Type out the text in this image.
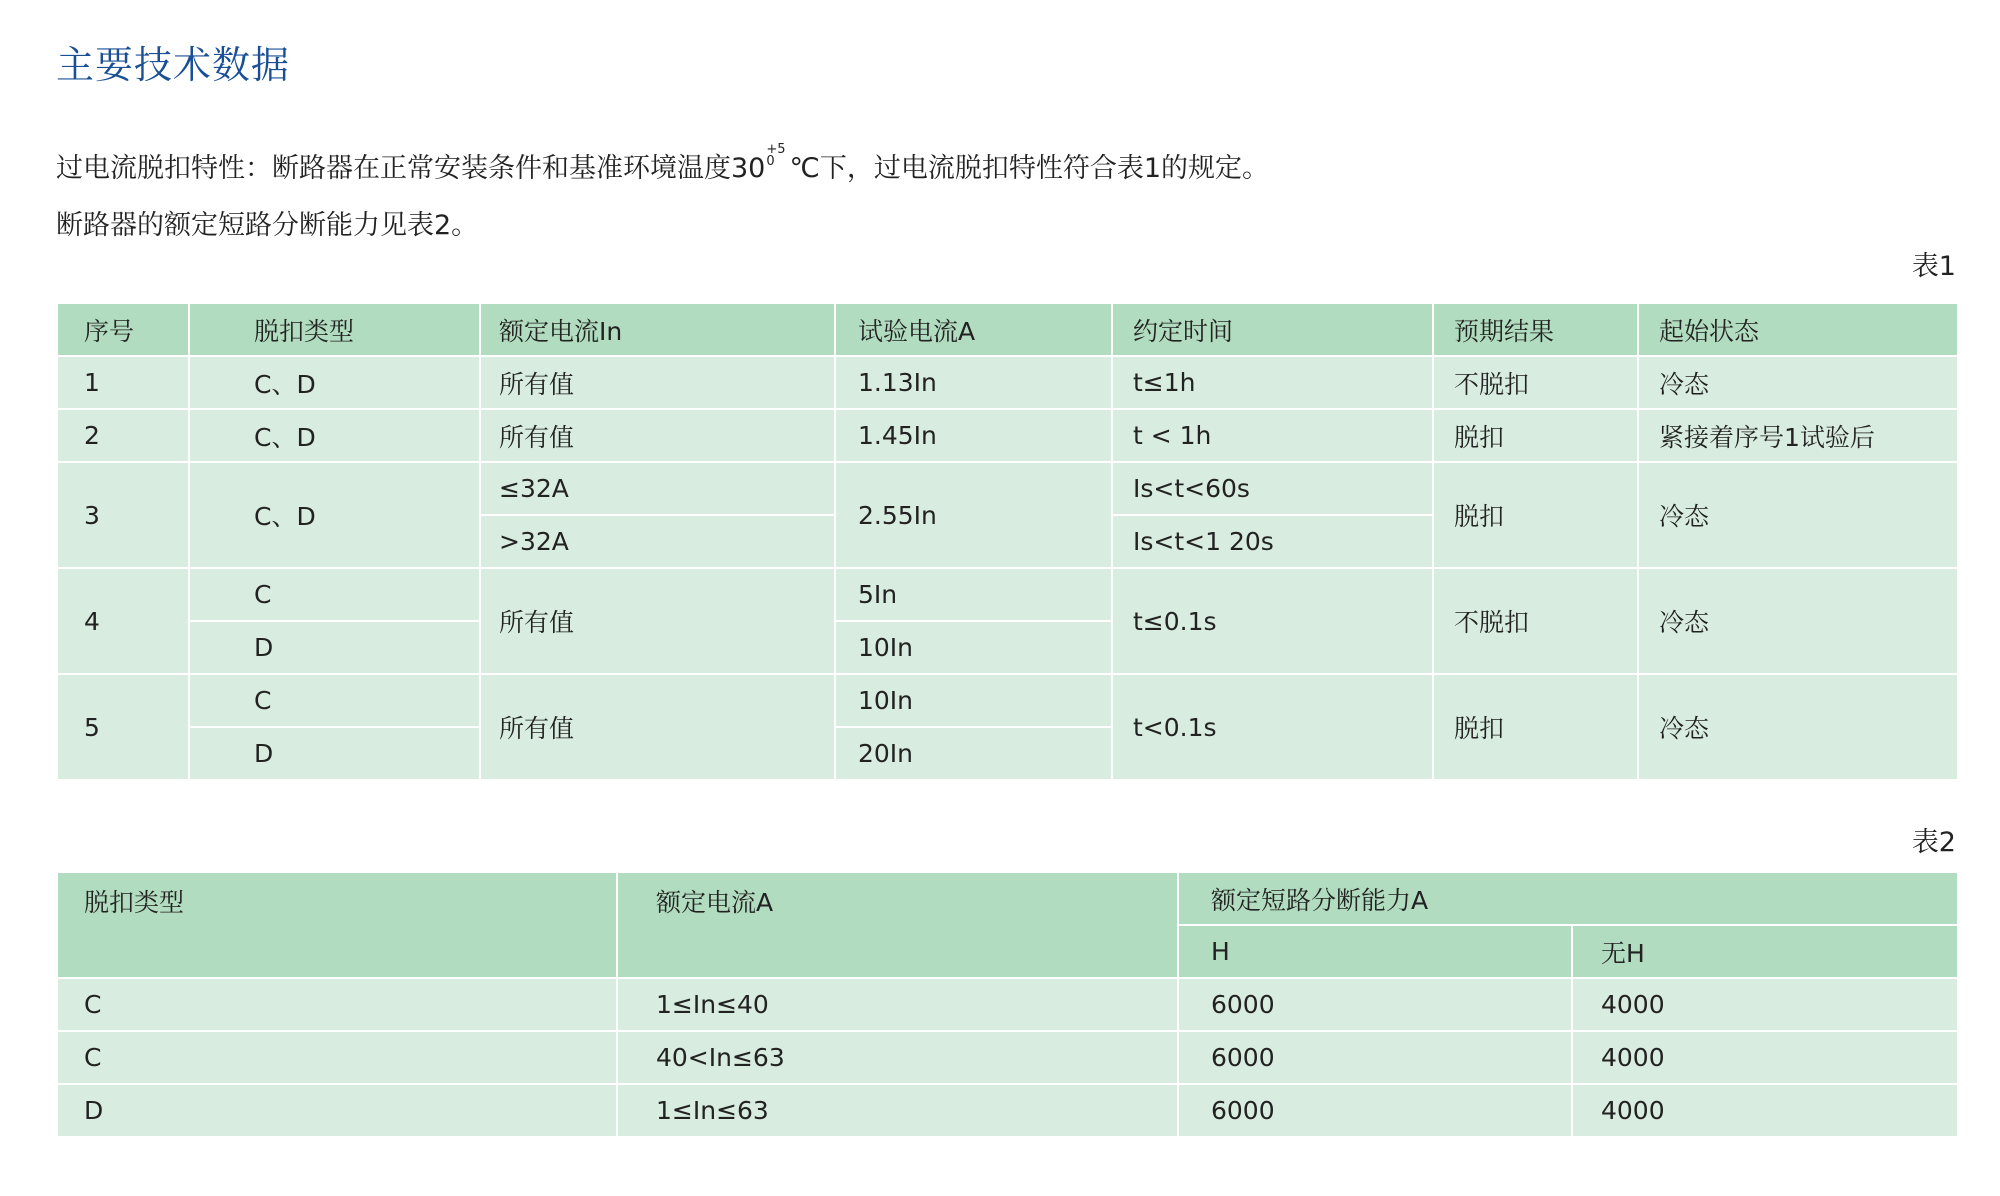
主要技术数据

过电流脱扣特性：断路器在正常安装条件和基准环境温度30
$^{+5 0}$ ℃下，过电流脱扣特性符合表1的规定。

断路器的额定短路分断能力见表2。

表1

序号	脱扣类型	额定电流In	试验电流A	约定时间	预期结果	起始状态
1	C、D	所有值	1.13In	t≤1h	不脱扣	冷态
2	C、D	所有值	1.45In	t < 1h	脱扣	紧接着序号1试验后
3	C、D	≤32A	2.55In	Is<t<60s	脱扣	冷态
		>32A		Is<t<1 20s		
4	C	所有值	5In	t≤0.1s	不脱扣	冷态
	D		10In			
5	C	所有值	10In	t<0.1s	脱扣	冷态
	D		20In			

表2

脱扣类型	额定电流A	额定短路分断能力A	
		H	无H
C	1≤In≤40	6000	4000
C	40<In≤63	6000	4000
D	1≤In≤63	6000	4000
